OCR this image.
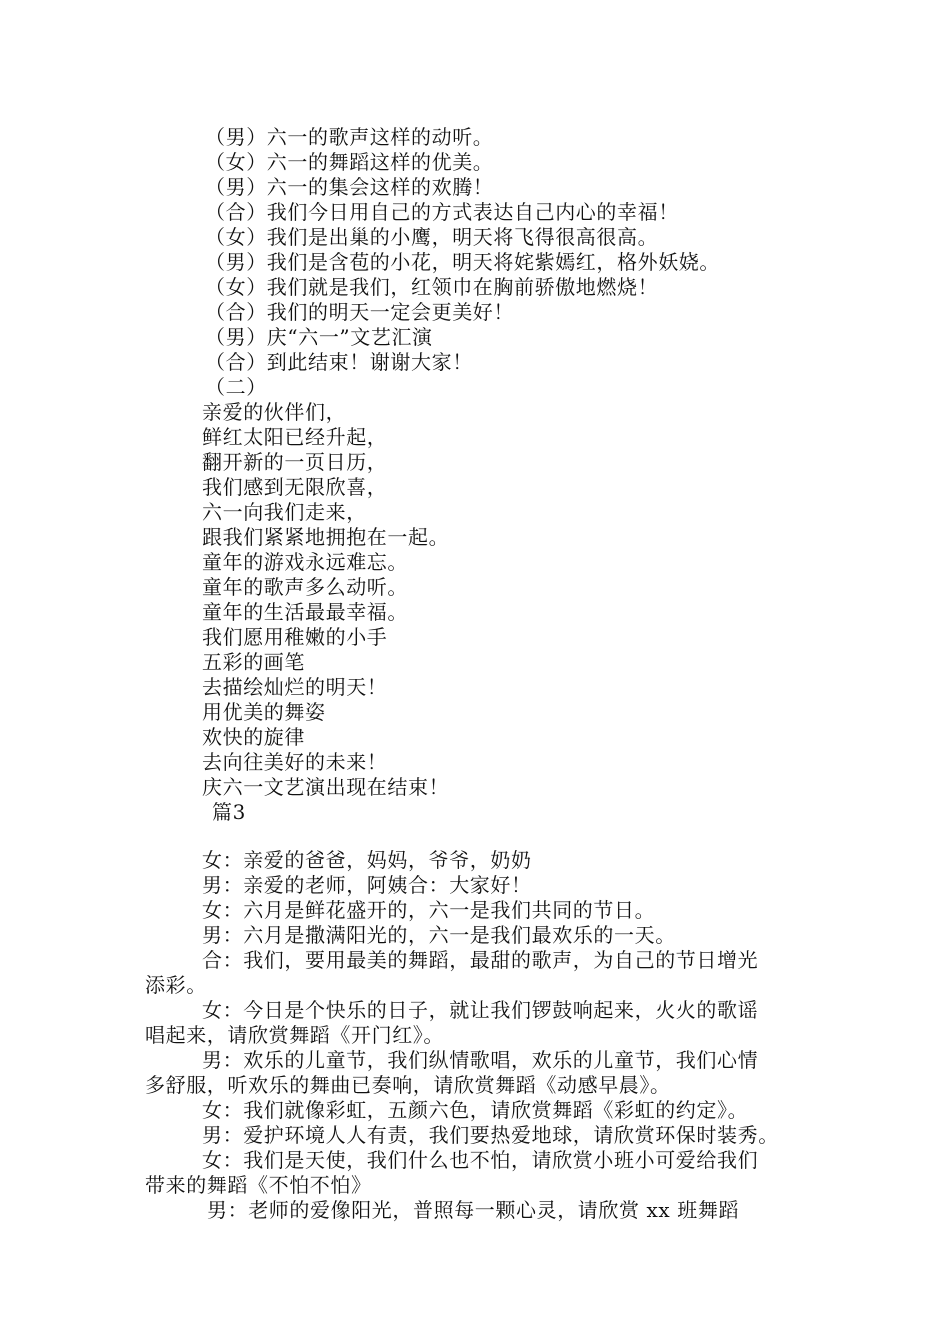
（男）六一的歌声这样的动听。
（女）六一的舞蹈这样的优美。
（男）六一的集会这样的欢腾！
（合）我们今日用自己的方式表达自己内心的幸福！
（女）我们是出巢的小鹰，明天将飞得很高很高。
（男）我们是含苞的小花，明天将姹紫嫣红，格外妖娆。
（女）我们就是我们，红领巾在胸前骄傲地燃烧！
（合）我们的明天一定会更美好！
（男）庆“六一”文艺汇演
（合）到此结束！谢谢大家！
（二）
亲爱的伙伴们，
鲜红太阳已经升起，
翻开新的一页日历，
我们感到无限欣喜，
六一向我们走来，
跟我们紧紧地拥抱在一起。
童年的游戏永远难忘。
童年的歌声多么动听。
童年的生活最最幸福。
我们愿用稚嫩的小手
五彩的画笔
去描绘灿烂的明天！
用优美的舞姿
欢快的旋律
去向往美好的未来！
庆六一文艺演出现在结束！
篇3
女：亲爱的爸爸，妈妈，爷爷，奶奶
男：亲爱的老师，阿姨合：大家好！
女：六月是鲜花盛开的，六一是我们共同的节日。
男：六月是撒满阳光的，六一是我们最欢乐的一天。
合：我们，要用最美的舞蹈，最甜的歌声，为自己的节日增光
添彩。
女：今日是个快乐的日子，就让我们锣鼓响起来，火火的歌谣
唱起来，请欣赏舞蹈《开门红》。
男：欢乐的儿童节，我们纵情歌唱，欢乐的儿童节，我们心情
多舒服，听欢乐的舞曲已奏响，请欣赏舞蹈《动感早晨》。
女：我们就像彩虹，五颜六色，请欣赏舞蹈《彩虹的约定》。
男：爱护环境人人有责，我们要热爱地球，请欣赏环保时装秀。
女：我们是天使，我们什么也不怕，请欣赏小班小可爱给我们
带来的舞蹈《不怕不怕》
男：老师的爱像阳光，普照每一颗心灵，请欣赏 xx 班舞蹈
